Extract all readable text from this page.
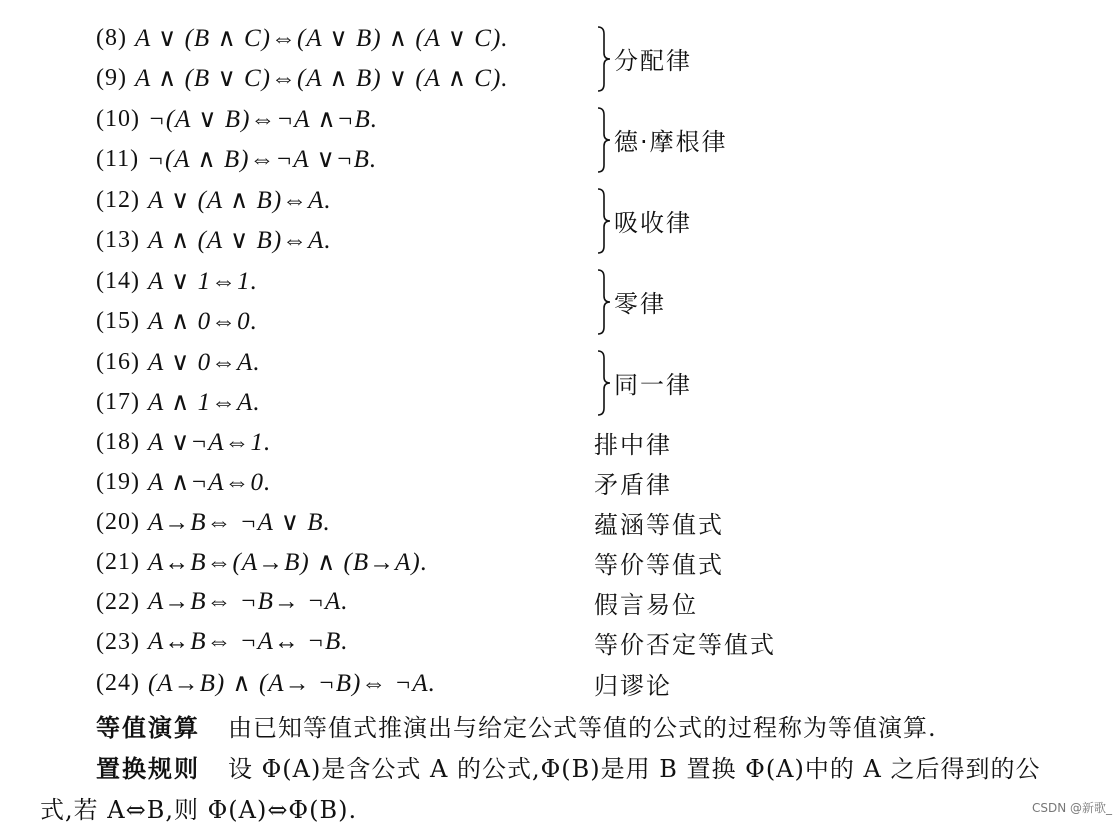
(8) A ∨ (B ∧ C)⇔(A ∨ B) ∧ (A ∨ C).
(9) A ∧ (B ∨ C)⇔(A ∧ B) ∨ (A ∧ C).
(10) ¬(A ∨ B)⇔¬A ∧¬B.
(11) ¬(A ∧ B)⇔¬A ∨¬B.
(12) A ∨ (A ∧ B)⇔A.
(13) A ∧ (A ∨ B)⇔A.
(14) A ∨ 1⇔1.
(15) A ∧ 0⇔0.
(16) A ∨ 0⇔A.
(17) A ∧ 1⇔A.
(18) A ∨¬A⇔1.
(19) A ∧¬A⇔0.
(20) A→B⇔ ¬A ∨ B.
(21) A↔B⇔(A→B) ∧ (B→A).
(22) A→B⇔ ¬B→ ¬A.
(23) A↔B⇔ ¬A↔ ¬B.
(24) (A→B) ∧ (A→ ¬B)⇔ ¬A.
分配律
德·摩根律
吸收律
零律
同一律
排中律
矛盾律
蕴涵等值式
等价等值式
假言易位
等价否定等值式
归谬论
等值演算 由已知等值式推演出与给定公式等值的公式的过程称为等值演算.
置换规则 设 Φ(A)是含公式 A 的公式,Φ(B)是用 B 置换 Φ(A)中的 A 之后得到的公
式,若 A⇔B,则 Φ(A)⇔Φ(B).	CSDN @新歌_
